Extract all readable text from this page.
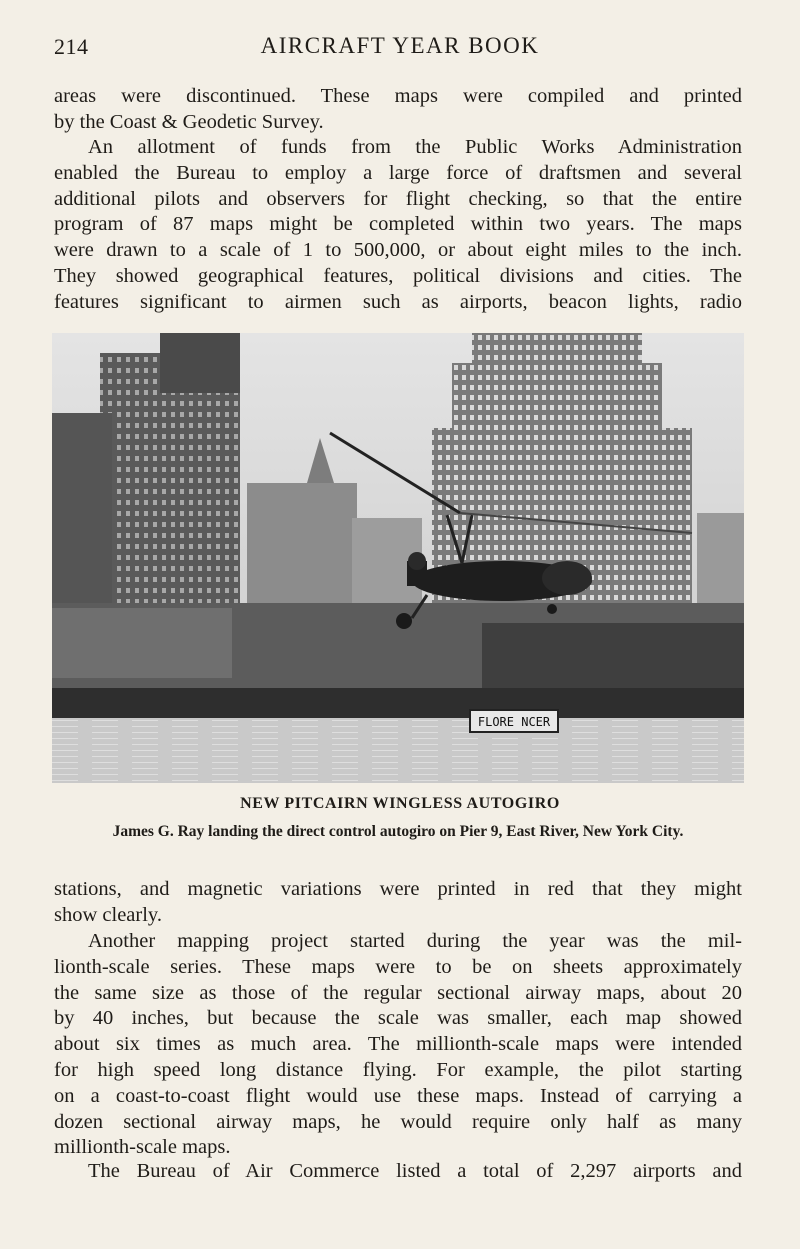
214	AIRCRAFT YEAR BOOK
areas were discontinued. These maps were compiled and printed
by the Coast & Geodetic Survey.
An allotment of funds from the Public Works Administration
enabled the Bureau to employ a large force of draftsmen and several
additional pilots and observers for flight checking, so that the entire
program of 87 maps might be completed within two years. The maps
were drawn to a scale of 1 to 500,000, or about eight miles to the inch.
They showed geographical features, political divisions and cities. The
features significant to airmen such as airports, beacon lights, radio
FLORE NCER
NEW PITCAIRN WINGLESS AUTOGIRO
James G. Ray landing the direct control autogiro on Pier 9, East River, New York City.
stations, and magnetic variations were printed in red that they might
show clearly.
Another mapping project started during the year was the mil-
lionth-scale series. These maps were to be on sheets approximately
the same size as those of the regular sectional airway maps, about 20
by 40 inches, but because the scale was smaller, each map showed
about six times as much area. The millionth-scale maps were intended
for high speed long distance flying. For example, the pilot starting
on a coast-to-coast flight would use these maps. Instead of carrying a
dozen sectional airway maps, he would require only half as many
millionth-scale maps.
The Bureau of Air Commerce listed a total of 2,297 airports and
